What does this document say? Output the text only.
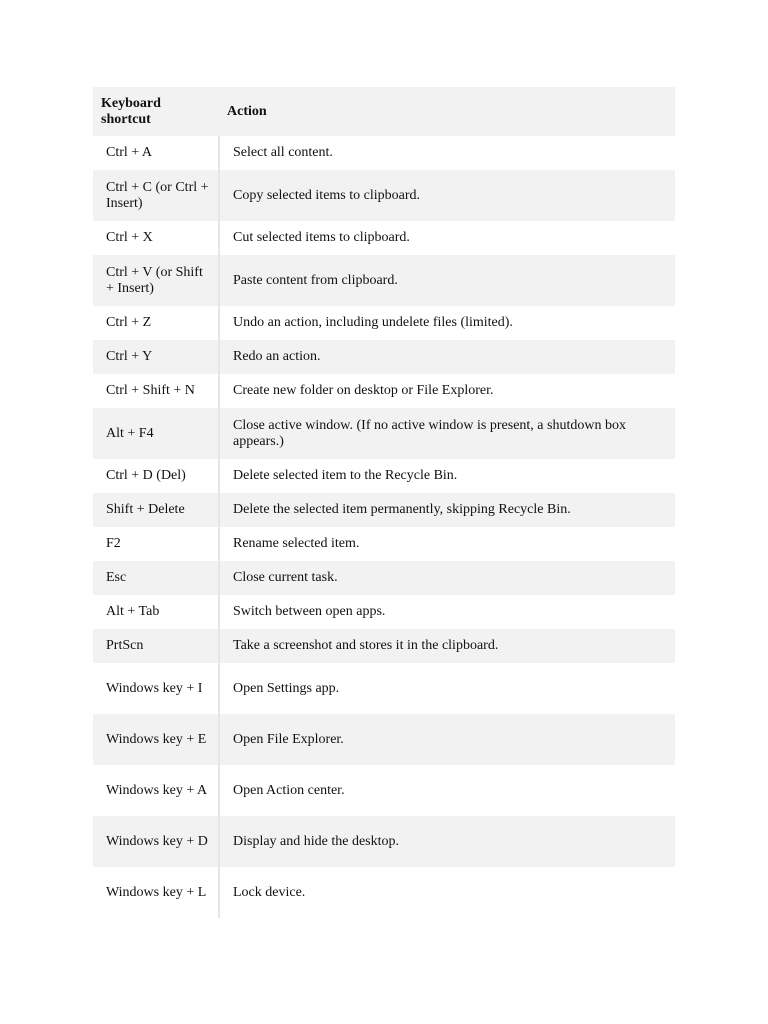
Keyboard shortcut	Action
Ctrl + A	Select all content.
Ctrl + C (or Ctrl + Insert)	Copy selected items to clipboard.
Ctrl + X	Cut selected items to clipboard.
Ctrl + V (or Shift + Insert)	Paste content from clipboard.
Ctrl + Z	Undo an action, including undelete files (limited).
Ctrl + Y	Redo an action.
Ctrl + Shift + N	Create new folder on desktop or File Explorer.
Alt + F4	Close active window. (If no active window is present, a shutdown box appears.)
Ctrl + D (Del)	Delete selected item to the Recycle Bin.
Shift + Delete	Delete the selected item permanently, skipping Recycle Bin.
F2	Rename selected item.
Esc	Close current task.
Alt + Tab	Switch between open apps.
PrtScn	Take a screenshot and stores it in the clipboard.
Windows key + I	Open Settings app.
Windows key + E	Open File Explorer.
Windows key + A	Open Action center.
Windows key + D	Display and hide the desktop.
Windows key + L	Lock device.
